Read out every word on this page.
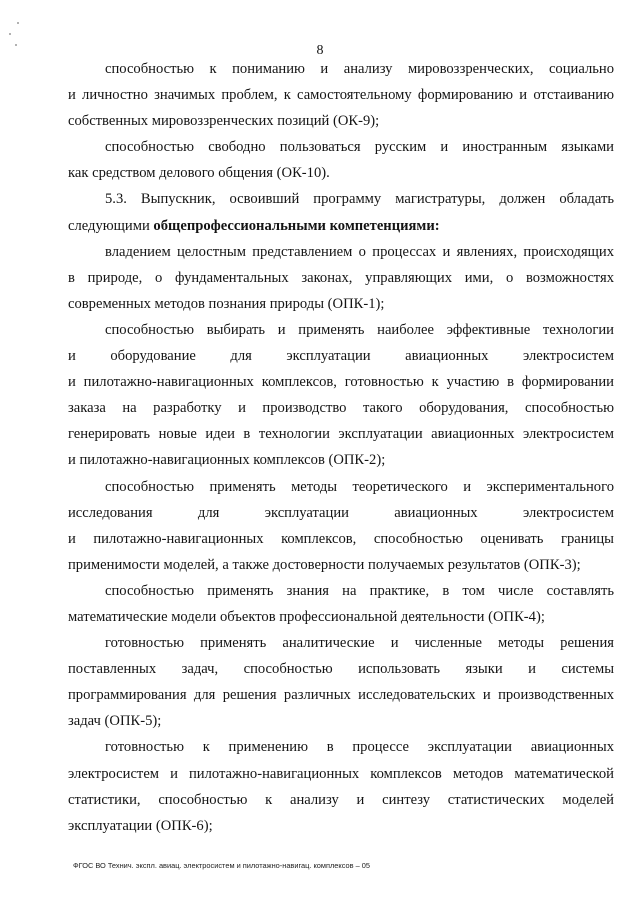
8
способностью к пониманию и анализу мировоззренческих, социально
и личностно значимых проблем, к самостоятельному формированию и отстаиванию
собственных мировоззренческих позиций (ОК-9);
способностью свободно пользоваться русским и иностранным языками
как средством делового общения (ОК-10).
5.3. Выпускник, освоивший программу магистратуры, должен обладать
следующими общепрофессиональными компетенциями:
владением целостным представлением о процессах и явлениях, происходящих
в природе, о фундаментальных законах, управляющих ими, о возможностях
современных методов познания природы (ОПК-1);
способностью выбирать и применять наиболее эффективные технологии
и оборудование для эксплуатации авиационных электросистем
и пилотажно-навигационных комплексов, готовностью к участию в формировании
заказа на разработку и производство такого оборудования, способностью
генерировать новые идеи в технологии эксплуатации авиационных электросистем
и пилотажно-навигационных комплексов (ОПК-2);
способностью применять методы теоретического и экспериментального
исследования для эксплуатации авиационных электросистем
и пилотажно-навигационных комплексов, способностью оценивать границы
применимости моделей, а также достоверности получаемых результатов (ОПК-3);
способностью применять знания на практике, в том числе составлять
математические модели объектов профессиональной деятельности (ОПК-4);
готовностью применять аналитические и численные методы решения
поставленных задач, способностью использовать языки и системы
программирования для решения различных исследовательских и производственных
задач (ОПК-5);
готовностью к применению в процессе эксплуатации авиационных
электросистем и пилотажно-навигационных комплексов методов математической
статистики, способностью к анализу и синтезу статистических моделей
эксплуатации (ОПК-6);
ФГОС ВО Технич. экспл. авиац. электросистем и пилотажно-навигац. комплексов – 05
